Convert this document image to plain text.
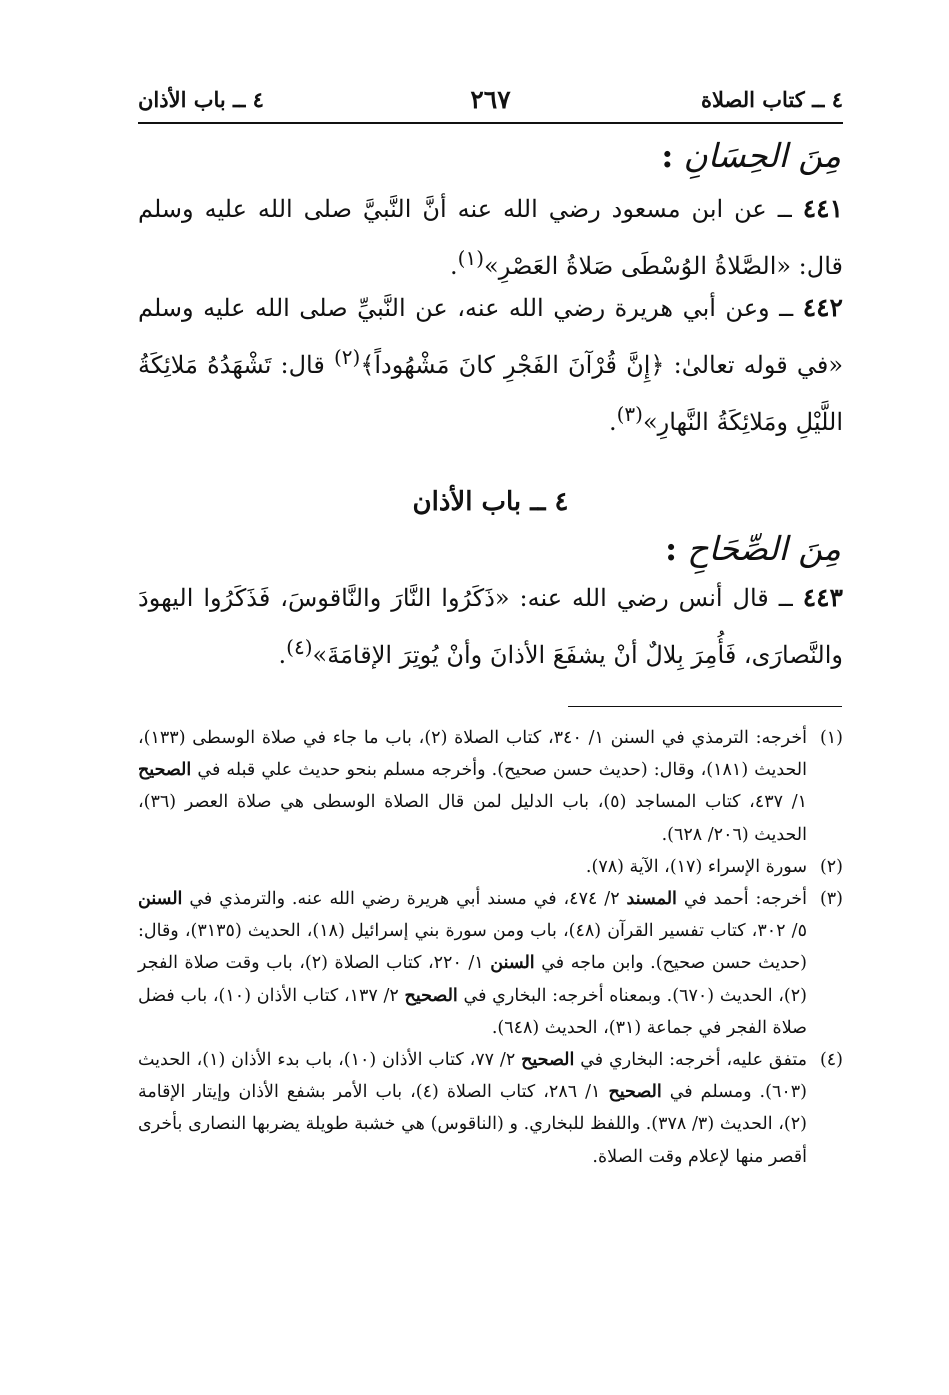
٤ ــ كتاب الصلاة
٢٦٧
٤ ــ باب الأذان
مِنَ الحِسَانِ:
٤٤١ ــ عن ابن مسعود رضي الله عنه أنَّ النَّبيَّ صلى الله عليه وسلم قال: «الصَّلاةُ الوُسْطَى صَلاةُ العَصْرِ»$^{(١)}$.
٤٤٢ ــ وعن أبي هريرة رضي الله عنه، عن النَّبيِّ صلى الله عليه وسلم «في قوله تعالىٰ: ﴿إِنَّ قُرْآنَ الفَجْرِ كانَ مَشْهُوداً﴾$^{(٢)}$ قال: تَشْهَدُهُ مَلائِكَةُ اللَّيْلِ ومَلائِكَةُ النَّهارِ»$^{(٣)}$.
٤ ــ باب الأذان
مِنَ الصِّحَاحِ:
٤٤٣ ــ قال أنس رضي الله عنه: «ذَكَرُوا النَّارَ والنَّاقوسَ، فَذَكَرُوا اليهودَ والنَّصارَى، فَأُمِرَ بِلالٌ أنْ يشفَعَ الأذانَ وأنْ يُوتِرَ الإقامَةَ»$^{(٤)}$.
(١)
أخرجه: الترمذي في السنن ١/ ٣٤٠، كتاب الصلاة (٢)، باب ما جاء في صلاة الوسطى (١٣٣)، الحديث (١٨١)، وقال: (حديث حسن صحيح). وأخرجه مسلم بنحو حديث علي قبله في الصحيح ١/ ٤٣٧، كتاب المساجد (٥)، باب الدليل لمن قال الصلاة الوسطى هي صلاة العصر (٣٦)، الحديث (٢٠٦/ ٦٢٨).
(٢)
سورة الإسراء (١٧)، الآية (٧٨).
(٣)
أخرجه: أحمد في المسند ٢/ ٤٧٤، في مسند أبي هريرة رضي الله عنه. والترمذي في السنن ٥/ ٣٠٢، كتاب تفسير القرآن (٤٨)، باب ومن سورة بني إسرائيل (١٨)، الحديث (٣١٣٥)، وقال: (حديث حسن صحيح). وابن ماجه في السنن ١/ ٢٢٠، كتاب الصلاة (٢)، باب وقت صلاة الفجر (٢)، الحديث (٦٧٠). وبمعناه أخرجه: البخاري في الصحيح ٢/ ١٣٧، كتاب الأذان (١٠)، باب فضل صلاة الفجر في جماعة (٣١)، الحديث (٦٤٨).
(٤)
متفق عليه، أخرجه: البخاري في الصحيح ٢/ ٧٧، كتاب الأذان (١٠)، باب بدء الأذان (١)، الحديث (٦٠٣). ومسلم في الصحيح ١/ ٢٨٦، كتاب الصلاة (٤)، باب الأمر بشفع الأذان وإيتار الإقامة (٢)، الحديث (٣/ ٣٧٨). واللفظ للبخاري. و (الناقوس) هي خشبة طويلة يضربها النصارى بأخرى أقصر منها لإعلام وقت الصلاة.
